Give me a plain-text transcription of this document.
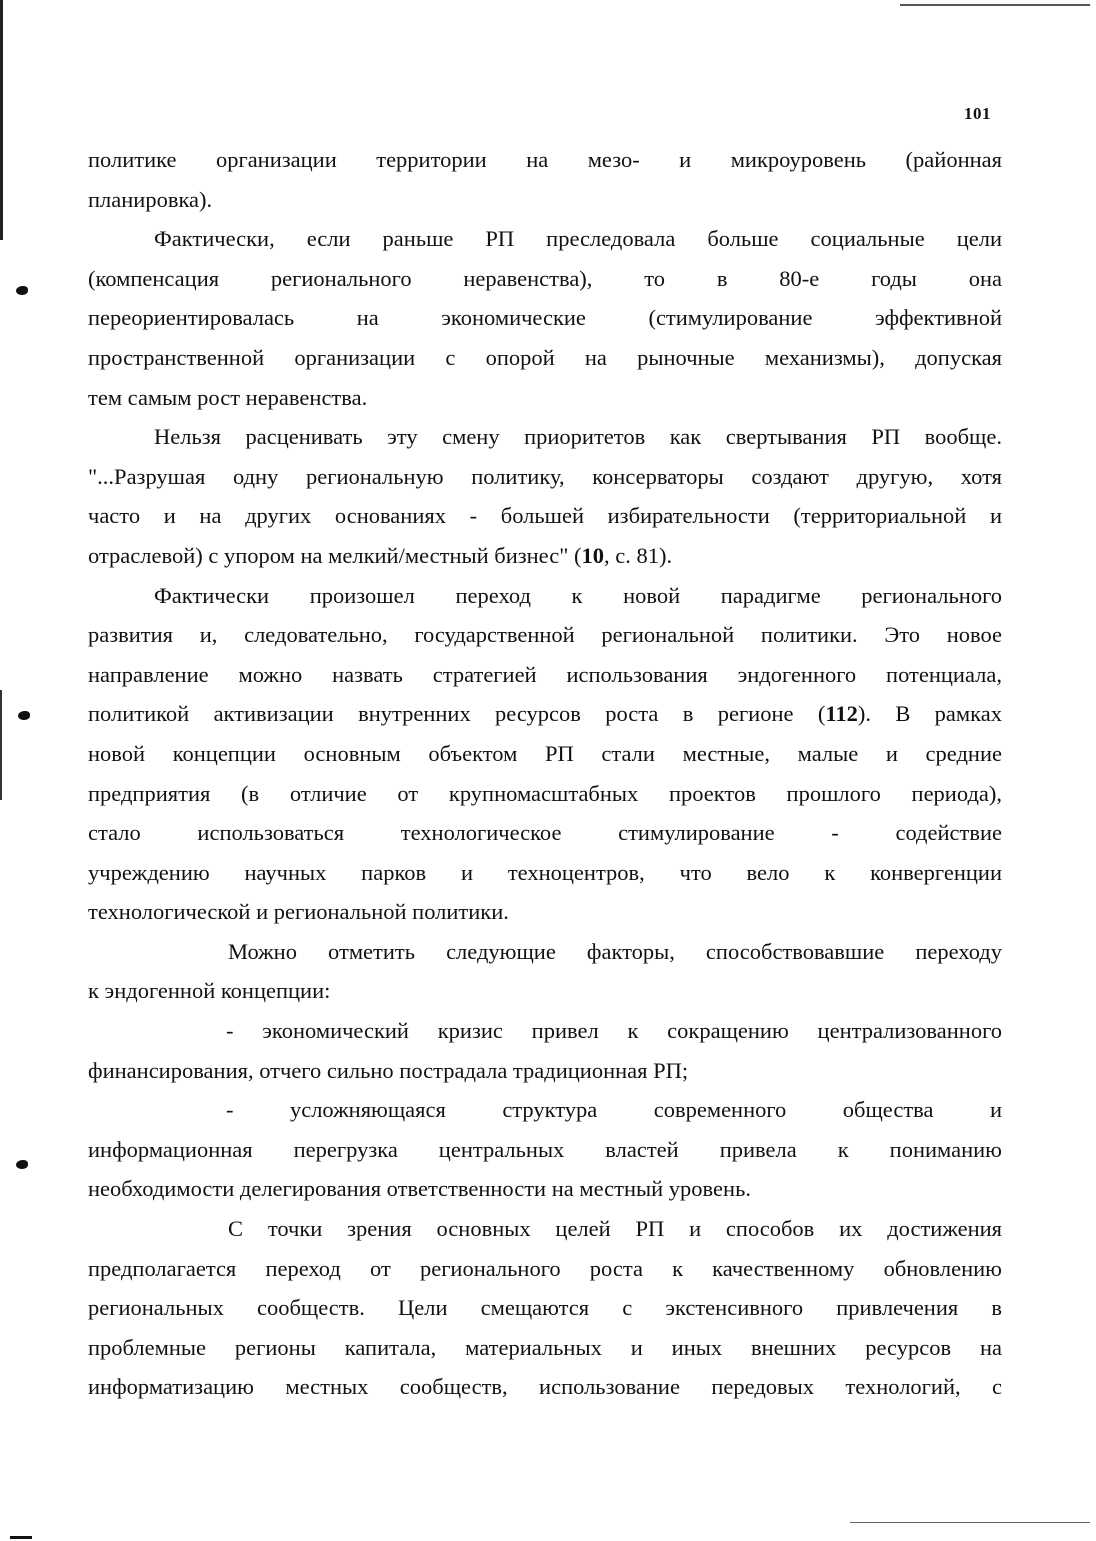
101
политике организации территории на мезо- и микроуровень (районная
планировка).
Фактически, если раньше РП преследовала больше социальные цели
(компенсация регионального неравенства), то в 80-е годы она
переориентировалась на экономические (стимулирование эффективной
пространственной организации с опорой на рыночные механизмы), допуская
тем самым рост неравенства.
Нельзя расценивать эту смену приоритетов как свертывания РП вообще.
"...Разрушая одну региональную политику, консерваторы создают другую, хотя
часто и на других основаниях - большей избирательности (территориальной и
отраслевой) с упором на мелкий/местный бизнес" (10, с. 81).
Фактически произошел переход к новой парадигме регионального
развития и, следовательно, государственной региональной политики. Это новое
направление можно назвать стратегией использования эндогенного потенциала,
политикой активизации внутренних ресурсов роста в регионе (112). В рамках
новой концепции основным объектом РП стали местные, малые и средние
предприятия (в отличие от крупномасштабных проектов прошлого периода),
стало использоваться технологическое стимулирование - содействие
учреждению научных парков и техноцентров, что вело к конвергенции
технологической и региональной политики.
Можно отметить следующие факторы, способствовавшие переходу
к эндогенной концепции:
- экономический кризис привел к сокращению централизованного
финансирования, отчего сильно пострадала традиционная РП;
- усложняющаяся структура современного общества и
информационная перегрузка центральных властей привела к пониманию
необходимости делегирования ответственности на местный уровень.
С точки зрения основных целей РП и способов их достижения
предполагается переход от регионального роста к качественному обновлению
региональных сообществ. Цели смещаются с экстенсивного привлечения в
проблемные регионы капитала, материальных и иных внешних ресурсов на
информатизацию местных сообществ, использование передовых технологий, с
